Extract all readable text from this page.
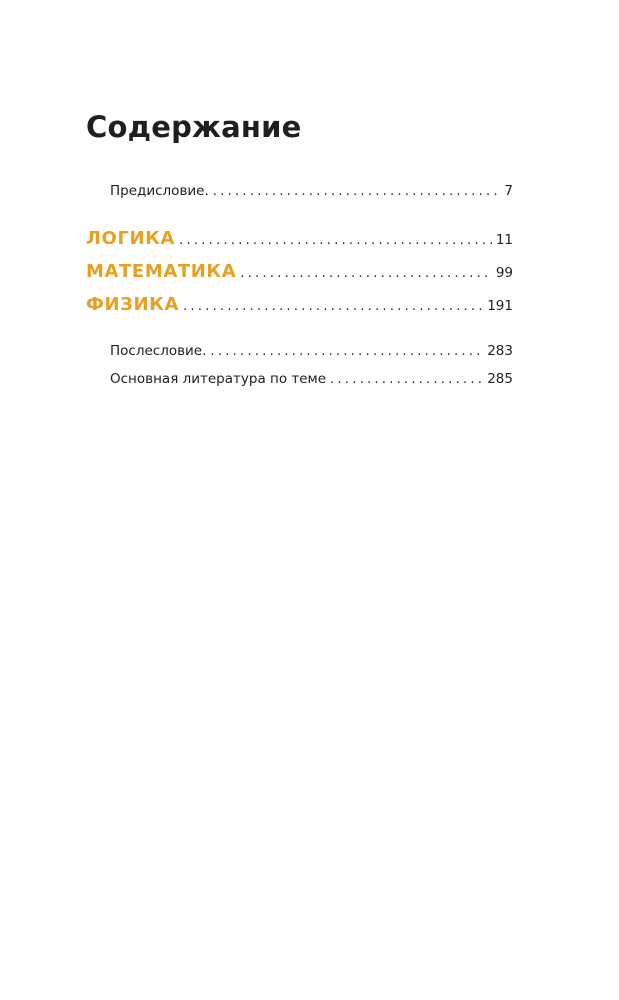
Содержание
Предисловие. . . .	7
ЛОГИКА . . .	11
МАТЕМАТИКА . . .	99
ФИЗИКА . . .	191
Послесловие. . . .	283
Основная литература по теме . . .	285
